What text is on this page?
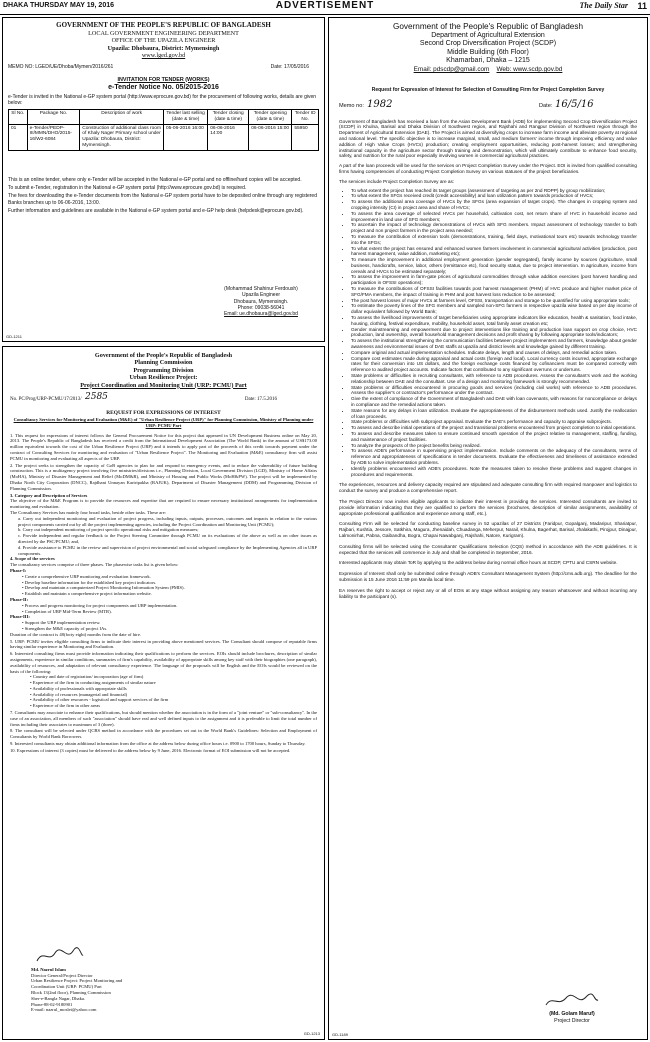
DHAKA THURSDAY MAY 19, 2016	ADVERTISEMENT	The Daily Star 11

GOVERNMENT OF THE PEOPLE'S REPUBLIC OF BANGLADESH

LOCAL GOVERNMENT ENGINEERING DEPARTMENT

OFFICE OF THE UPAZILA ENGINEER

Upazila: Dhobaura, District: Mymensingh

www.lged.gov.bd

MEMO NO: LGED/UE/Dhoba/Mymen/2016/261	Date: 17/05/2016

INVITATION FOR TENDER (WORKS)

e-Tender Notice No. 05/2015-2016

e-Tender is invited in the National e-GP system portal (http://www.eprocure.gov.bd) for the procurement of following works, details are given below:

Sl No.	Package No.	Description of work	Tender last selling (date & time)	Tender closing (date & time)	Tender opening (date & time)	Tender ID No.
01	e-Tender/PEDP-III/MMN/DHO/2015-16/W2-6084	Construction of additional class room of Khaly Nager Primary school under Upazila: Dhobaura, District: Mymensingh.	05-06-2016 16:00	06-06-2016 14:00	06-06-2016 15:00	55950

This is an online tender, where only e-Tender will be accepted in the National e-GP portal and no offline/hard copies will be accepted.

To submit e-Tender, registration in the National e-GP system portal (http://www.eprocure.gov.bd) is required.

The fees for downloading the e-Tender documents from the National e-GP system portal have to be deposited online through any registered Banks branches up to 06-06-2016, 13:00.

Further information and guidelines are available in the National e-GP system portal and e-GP help desk (helpdesk@eprocure.gov.bd).

(Mohammad Shahinur Ferdoush)

Upazila Engineer

Dhobaura, Mymensingh.

Phone: 09038-56041

Email: ue.dhobaura@lged.gov.bd

GD-1211

Government of the People's Republic of Bangladesh

Planning Commission

Programming Division

Urban Resilience Project:

Project Coordination and Monitoring Unit (URP: PCMU) Part

No. PC/Prog/URP-PCMU/17/2013/ 2585	Date: 17.5.2016

REQUEST FOR EXPRESSIONS OF INTEREST

Consultancy Services for Monitoring and Evaluation (M&E) of "Urban Resilience Project (URP)" for Planning Commission, Ministry of Planning under URP: PCMU Part

1. This request for expressions of interest follows the General Procurement Notice for this project that appeared in UN Development Business online on May 20, 2013. The People's Republic of Bangladesh has received a credit from the International Development Association (The World Bank) in the amount of US$173.00 million equivalent towards the cost of the Urban Resilience Project (URP) and it intends to apply part of the proceeds of this credit towards payment under the contract of Consulting Services for monitoring and evaluation of "Urban Resilience Project". The Monitoring and Evaluation (M&E) consultancy firm will assist PCMU in monitoring and evaluating all aspects of the URP.

2. The project seeks to strengthen the capacity of GoB agencies to plan for and respond to emergency events, and to reduce the vulnerability of future building construction. This is a multiagency project involving five ministries/divisions i.e., Planning Division, Local Government Division (LGD), Ministry of Home Affairs (MoHA), Ministry of Disaster Management and Relief (MoDM&R), and Ministry of Housing and Public Works (MoH&PW). The project will be implemented by Dhaka North City Corporation (DNCC), Rajdhani Unnayan Kartripakha (RAJUK), Department of Disaster Management (DDM) and Programming Division of Planning Commission.

3. Category and Description of Services

The objective of the M&E Program is to provide the resources and expertise that are required to ensure necessary institutional arrangements for implementation monitoring and evaluation.

The Consultancy Services has mainly four broad tasks, beside other tasks. These are:

a. Carry out independent monitoring and evaluation of project progress, including inputs, outputs, processes, outcomes and impacts in relation to the various project components carried out by all the project implementing agencies, including the Project Coordination and Monitoring Unit (PCMU);

b. Carry out independent monitoring of project specific operational risks and mitigation measures;

c. Provide independent and regular feedback to the Project Steering Committee through PCMU on its evaluations of the above as well as on other issues as directed by the PSC/PCMU; and,

d. Provide assistance to PCMU in the review and supervision of project environmental and social safeguard compliance by the Implementing Agencies all in URP components.

4. Scope of the services

The consultancy services comprise of three phases. The phasewise tasks list is given below:

Phase-I:

• Create a comprehensive URP monitoring and evaluation framework.

• Develop baseline information for the established key project indicators.

• Develop and maintain a computerized Project Monitoring Information System (PMIS).

• Establish and maintain a comprehensive project information website.

Phase-II:

• Process and progress monitoring for project components and URP implementation.

• Completion of URP Mid-Term Review (MTR).

Phase-III:

• Support the URP implementation review.

• Strengthen the M&E capacity of project IAs.

Duration of the contract is 48(forty eight) months from the date of hire.

5. URP: PCMU invites eligible consulting firms to indicate their interest in providing above mentioned services. The Consultant should compose of reputable firms having similar experience in Monitoring and Evaluation.

6. Interested consulting firms must provide information indicating their qualifications to perform the services. EOIs should include brochures, description of similar assignments, experience in similar conditions, summaries of firm's capability, availability of appropriate skills among key staff with their biographies (one paragraph), availability of resources, and adaptation of relevant consultancy experience. The language of the proposals will be English and the EOIs would be reviewed on the basis of the following:

• Country and date of registration/ incorporation (age of firm)

• Experience of the firm in conducting assignments of similar nature

• Availability of professionals with appropriate skills

• Availability of resources (managerial and financial)

• Availability of other resources - logistical and support services of the firm

• Experience of the firm in other areas

7. Consultants may associate to enhance their qualifications, but should mention whether the association is in the form of a "joint venture" or "sub-consultancy". In the case of an association, all members of such "association" should have real and well defined inputs to the assignment and it is preferable to limit the total number of firms including their associates to maximum of 3 (three).

8. The consultant will be selected under QCBS method in accordance with the procedures set out in the World Bank's Guidelines: Selection and Employment of Consultants by World Bank Borrowers.

9. Interested consultants may obtain additional information from the office at the address below during office hours i.e. 0900 to 1700 hours, Sunday to Thursday.

10. Expressions of interest (3 copies) must be delivered to the address below by 9 June, 2016. Electronic format of EOI submission will not be accepted.

Md. Nazrul Islam

Director General/Project Director

Urban Resilience Project: Project Monitoring and

Coordination Unit (URP: PCMU) Part

Block 13(2nd floor), Planning Commission

Sher-e-Bangla Nagar, Dhaka.

Phone-88-02-9180901

E-mail: nazrul_moslet@yahoo.com

GD-1213

Government of the People's Republic of Bangladesh

Department of Agricultural Extension

Second Crop Diversification Project (SCDP)

Middle Building (6th Floor)

Khamarbari, Dhaka – 1215

Email: pdscdp@gmail.com Web: www.scdp.gov.bd

Request for Expression of Interest for Selection of Consulting Firm for Project Completion Survey

Memo no: 1982	Date: 16/5/16

Government of Bangladesh has received a loan from the Asian Development Bank (ADB) for implementing Second Crop Diversification Project (SCDP) in Khulna, Barisal and Dhaka Division of Southwest region, and Rajshahi and Rangpur Division of Northwest region through the Department of Agricultural Extension (DAE). The Project is aimed at diversifying crops to increase farm income and alleviate poverty at regional and national level. The specific objective is to increase marginal, small, and medium farmers' income through improving efficiency and value addition of High Value Crops (HVCs) production; creating employment opportunities, reducing post-harvest losses; and strengthening institutional capacity in the agriculture sector through training and demonstration, which will ultimately contribute to enhance food security, safety, and nutrition for the rural poor especially involving women in commercial agricultural practices.

A part of the loan proceeds will be used for the services on Project Completion Survey under the Project. EOI is invited from qualified consulting firms having competencies of conducting Project Completion Survey on various statuses of the project beneficiaries.

The services include Project Completion Survey are as:

• To what extent the project has reached its target groups (assessment of targeting as per 2nd RDPP) by group mobilization;
• To what extent the SFGs received credit (credit accessibility) and loan utilization pattern towards production of HVCs;
• To assess the additional area coverage of HVCs by the SFGs (area expansion of target crops). The changes in cropping system and cropping intensity (CI) in project area and share of HVCs;
• To assess the area coverage of selected HVCs per household, cultivation cost, net return share of HVC in household income and improvement in land use of SFG members;
• To ascertain the impact of technology demonstrations of HVCs with SFG members. Impact assessment of technology transfer to both project and non project farmers in the project area needed;
• To measure the contribution of extension tools (demonstrations, training, field days, motivational tours etc) towards technology transfer into the SFGs;
• To what extent the project has ensured and enhanced women farmers involvement in commercial agricultural activities (production, post harvest management, value addition, marketing etc);
• To measure the improvement in additional employment generation (gender segregated), family income by sources (agriculture, small business, handicrafts, service, labor, others (remittance etc), food security status, due to project intervention. In agriculture, income from cereals and HVCs to be estimated separately;
• To assess the improvement in farm-gate prices of agricultural commodities through value addition exercises (post harvest handling and participation in OFSSI operations);
• To measure the contributions of OFSSI facilities towards post harvest management (PHM) of HVC produce and higher market price of SFG/FMA members, the impact of training in PHM and post harvest loss reduction to be assessed;
• The post harvest losses of major HVCs at farmers level, OFSSI, transportation and storage to be quantified for using appropriate tools;
• To estimate the poverty lines of the SFG members and sampled non-SFG farmers in respective upazila wise based on per day income of dollar equivalent followed by World Bank;
• To assess the livelihood improvements of target beneficiaries using appropriate indicators like education, health & sanitation, food intake, housing, clothing, festival expenditure, mobility, household asset, total family asset creation etc;
• Gender mainstreaming and empowerment due to project interventions like training and production loan support on crop choice, HVC production, land ownership, overall household management decisions and profit sharing by following appropriate tools/indicators;
• To assess the institutional strengthening the communication facilities between project implementers and farmers, knowledge about gender awareness and environmental issues of DAE staffs at upazila and district levels and knowledge gained by different training.
• Compare original and actual implementation schedules. Indicate delays, length and causes of delays, and remedial action taken.
• Compare cost estimates made during appraisal and actual costs (foreign and local). Local currency costs incurred, appropriate exchange rates for their conversion into US dollars, and the foreign exchange costs financed by cofinanciers must be compared correctly with reference to audited project accounts. Indicate factors that contributed to any significant overruns or underruns.
• State problems or difficulties in recruiting consultants, with reference to ADB procedures. Assess the consultant's work and the working relationship between DAE and the consultant. Use of a design and monitoring framework is strongly recommended.
• State problems or difficulties encountered in procuring goods and services (including civil works) with reference to ADB procedures. Assess the supplier's or contractor's performance under the contract.
• Give the extent of compliance of the Government of Bangladesh and DAE with loan covenants, with reasons for noncompliance or delays in compliance and the remedial actions taken.
• State reasons for any delays in loan utilization. Evaluate the appropriateness of the disbursement methods used. Justify the reallocation of loan proceeds.
• State problems or difficulties with subproject appraisal. Evaluate the DAE's performance and capacity to appraise subprojects.
• To assess and describe initial operations of the project and transitional problems encountered from project completion to initial operations.
• To assess and describe measures taken to ensure continued smooth operation of the project relative to management, staffing, funding, and maintenance of project facilities.
• To analyze the prospects of the project benefits being realized.
• To assess ADB's performance in supervising project implementation. Include comments on the adequacy of the consultants, terms of reference and appropriateness of specifications in tender documents. Evaluate the effectiveness and timeliness of assistance extended by ADB to solve implementation problems.
• Identify problems encountered with ADB's procedures. Note the measures taken to resolve these problems and suggest changes in procedures and requirements.

The experiences, resources and delivery capacity required are stipulated and adequate consulting firm with required manpower and logistics to conduct the survey and produce a comprehensive report.

The Project Director now invites eligible applicants to indicate their interest in providing the services. Interested consultants are invited to provide information indicating that they are qualified to perform the services (brochures, description of similar assignments, availability of appropriate professional qualification and experience among staff, etc.).

Consulting Firm will be selected for conducting baseline survey in 52 upazilas of 27 Districts (Faridpur, Gopalganj, Madaripur, Shariatpur, Rajbari, Kushtia, Jessore, Satkhira, Magura, Jhenaidah, Chuadanga, Meherpur, Narail, Khulna, Bagerhat, Barisal, Jhalakathi, Pirojpur, Dinajpur, Lalmonirhat, Pabna, Gaibandha, Bogra, Chapai Nawabganj, Rajshahi, Natore, Kurigram).

Consulting firms will be selected using the Consultants' Qualifications Selection (CQS) method in accordance with the ADB guidelines. It is expected that the services will commence in July and shall be completed in September, 2016.

Interested applicants may obtain ToR by applying to the address below during normal office hours at SCDP, CPTU and CSRN website.

Expression of Interest shall only be submitted online through ADB's Consultant Management System (http://cms.adb.org). The deadline for the submission is 15 June 2016 11:59 pm Manila local time.

EA reserves the right to accept or reject any or all of EOIs at any stage without assigning any reason whatsoever and without incurring any liability to the participant (s).

(Md. Golam Maruf)

Project Director

GD-1189
